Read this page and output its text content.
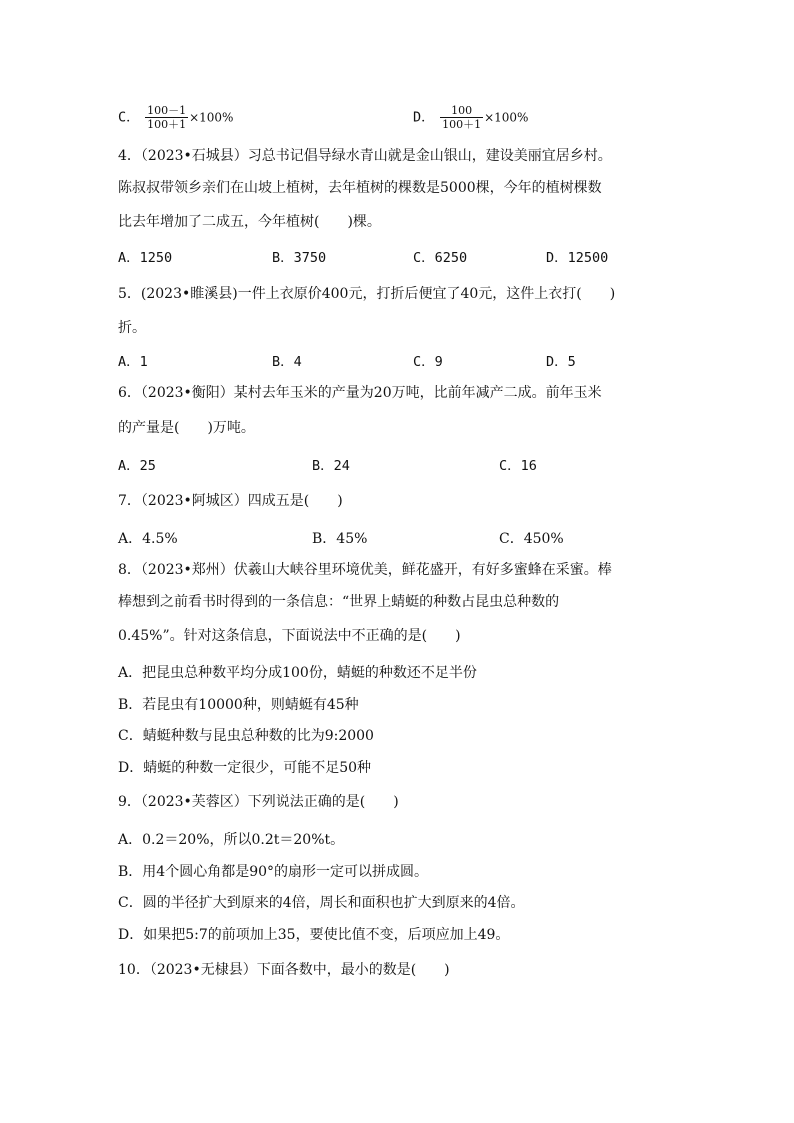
C． $\frac{100-1}{100+1} \times 100\%$	D． $\frac{100}{100+1} \times 100\%$
4．（2023•石城县）习总书记倡导绿水青山就是金山银山，建设美丽宜居乡村。
陈叔叔带领乡亲们在山坡上植树，去年植树的棵数是5000棵，今年的植树棵数
比去年增加了二成五，今年植树(　　)棵。
A．1250	B．3750	C．6250	D．12500
5．(2023•睢溪县)一件上衣原价400元，打折后便宜了40元，这件上衣打(　　)
折。
A．1	B．4	C．9	D．5
6．（2023•衡阳）某村去年玉米的产量为20万吨，比前年减产二成。前年玉米
的产量是(　　)万吨。
A．25	B．24	C．16
7．（2023•阿城区）四成五是(　　)
A．4.5%	B．45%	C．450%
8．（2023•郑州）伏羲山大峡谷里环境优美，鲜花盛开，有好多蜜蜂在采蜜。棒
棒想到之前看书时得到的一条信息：“世界上蜻蜓的种数占昆虫总种数的
0.45%”。针对这条信息，下面说法中不正确的是(　　)
A．把昆虫总种数平均分成100份，蜻蜓的种数还不足半份
B．若昆虫有10000种，则蜻蜓有45种
C．蜻蜓种数与昆虫总种数的比为9:2000
D．蜻蜓的种数一定很少，可能不足50种
9．（2023•芙蓉区）下列说法正确的是(　　)
A．0.2＝20%，所以0.2t＝20%t。
B．用4个圆心角都是90°的扇形一定可以拼成圆。
C．圆的半径扩大到原来的4倍，周长和面积也扩大到原来的4倍。
D．如果把5:7的前项加上35，要使比值不变，后项应加上49。
10．（2023•无棣县）下面各数中，最小的数是(　　)
